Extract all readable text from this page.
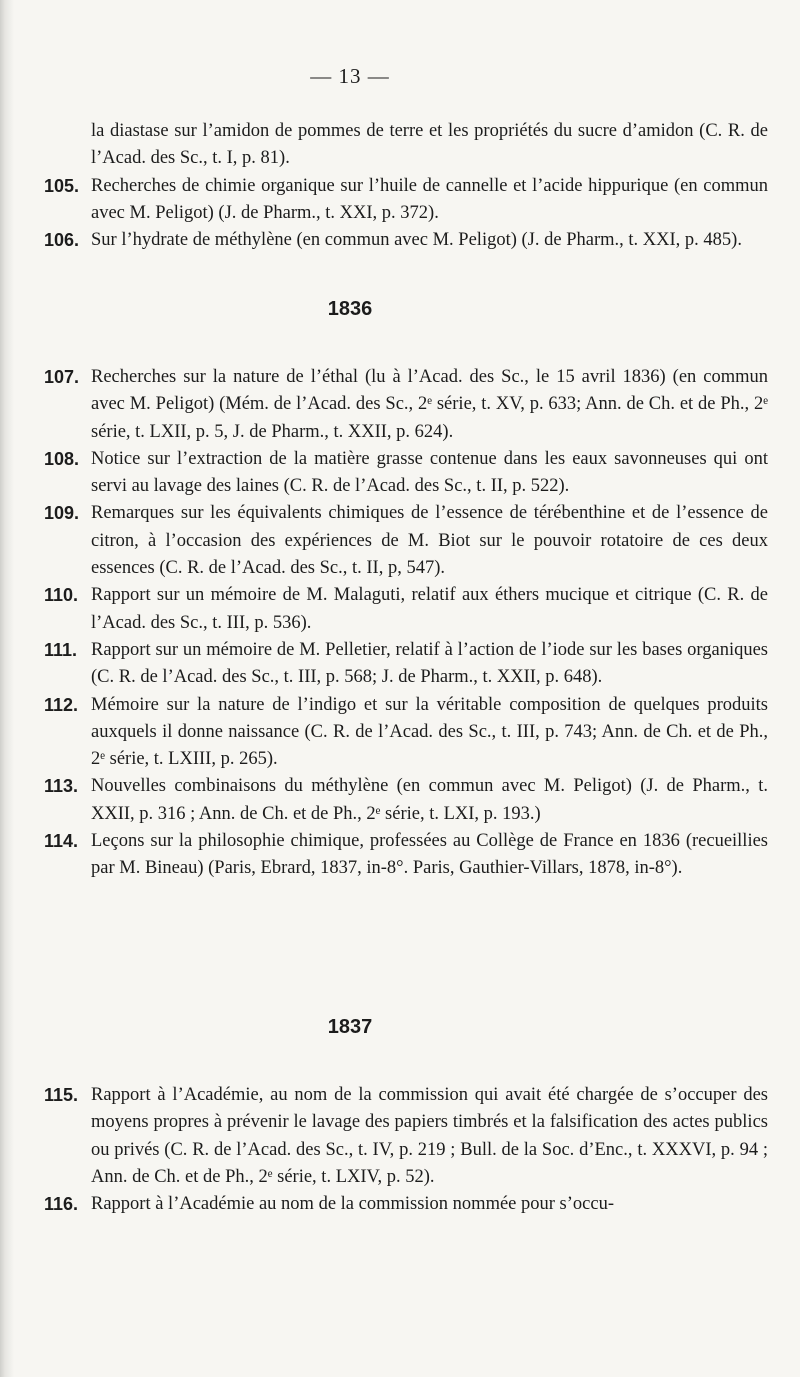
— 13 —
la diastase sur l’amidon de pommes de terre et les propriétés du sucre d’amidon (C. R. de l’Acad. des Sc., t. I, p. 81).
105. Recherches de chimie organique sur l’huile de cannelle et l’acide hippurique (en commun avec M. Peligot) (J. de Pharm., t. XXI, p. 372).
106. Sur l’hydrate de méthylène (en commun avec M. Peligot) (J. de Pharm., t. XXI, p. 485).
1836
107. Recherches sur la nature de l’éthal (lu à l’Acad. des Sc., le 15 avril 1836) (en commun avec M. Peligot) (Mém. de l’Acad. des Sc., 2ᵉ série, t. XV, p. 633; Ann. de Ch. et de Ph., 2ᵉ série, t. LXII, p. 5, J. de Pharm., t. XXII, p. 624).
108. Notice sur l’extraction de la matière grasse contenue dans les eaux savonneuses qui ont servi au lavage des laines (C. R. de l’Acad. des Sc., t. II, p. 522).
109. Remarques sur les équivalents chimiques de l’essence de térébenthine et de l’essence de citron, à l’occasion des expériences de M. Biot sur le pouvoir rotatoire de ces deux essences (C. R. de l’Acad. des Sc., t. II, p, 547).
110. Rapport sur un mémoire de M. Malaguti, relatif aux éthers mucique et citrique (C. R. de l’Acad. des Sc., t. III, p. 536).
111. Rapport sur un mémoire de M. Pelletier, relatif à l’action de l’iode sur les bases organiques (C. R. de l’Acad. des Sc., t. III, p. 568; J. de Pharm., t. XXII, p. 648).
112. Mémoire sur la nature de l’indigo et sur la véritable composition de quelques produits auxquels il donne naissance (C. R. de l’Acad. des Sc., t. III, p. 743; Ann. de Ch. et de Ph., 2ᵉ série, t. LXIII, p. 265).
113. Nouvelles combinaisons du méthylène (en commun avec M. Peligot) (J. de Pharm., t. XXII, p. 316 ; Ann. de Ch. et de Ph., 2ᵉ série, t. LXI, p. 193.)
114. Leçons sur la philosophie chimique, professées au Collège de France en 1836 (recueillies par M. Bineau) (Paris, Ebrard, 1837, in-8°. Paris, Gauthier-Villars, 1878, in-8°).
1837
115. Rapport à l’Académie, au nom de la commission qui avait été chargée de s’occuper des moyens propres à prévenir le lavage des papiers timbrés et la falsification des actes publics ou privés (C. R. de l’Acad. des Sc., t. IV, p. 219 ; Bull. de la Soc. d’Enc., t. XXXVI, p. 94 ; Ann. de Ch. et de Ph., 2ᵉ série, t. LXIV, p. 52).
116. Rapport à l’Académie au nom de la commission nommée pour s’occu-
